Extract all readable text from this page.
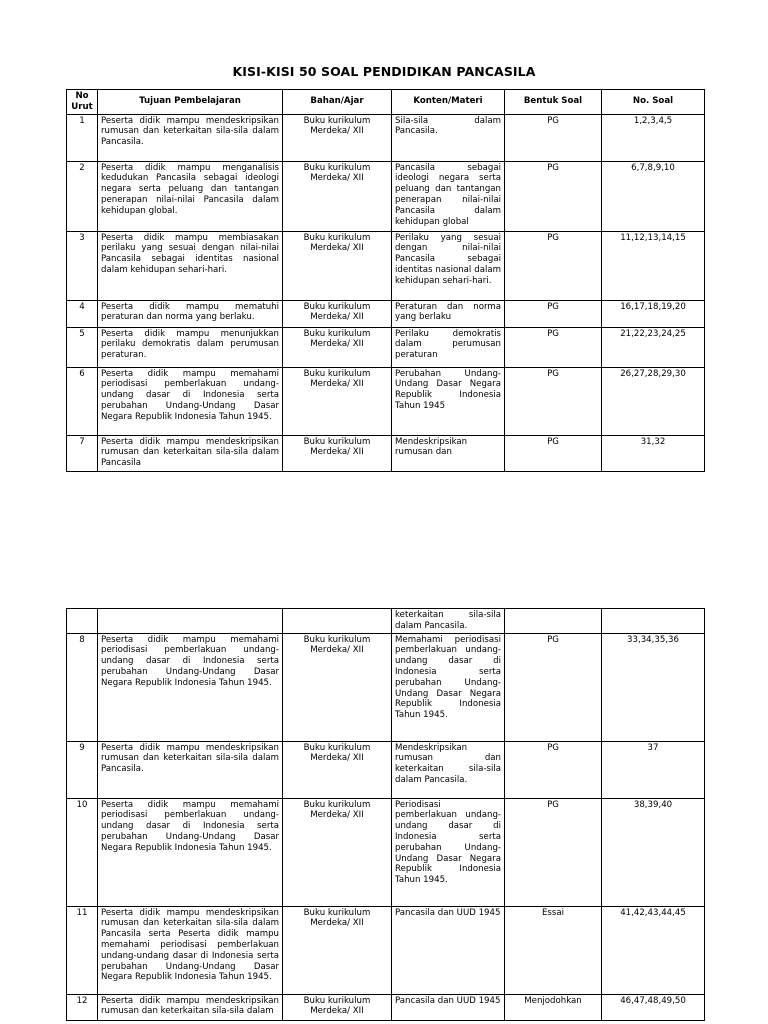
KISI-KISI 50 SOAL PENDIDIKAN PANCASILA
No Urut	Tujuan Pembelajaran	Bahan/Ajar	Konten/Materi	Bentuk Soal	No. Soal
1	Peserta didik mampu mendeskripsikan rumusan dan keterkaitan sila-sila dalam Pancasila.	Buku kurikulum Merdeka/ XII	Sila-sila dalam Pancasila.	PG	1,2,3,4,5
2	Peserta didik mampu menganalisis kedudukan Pancasila sebagai ideologi negara serta peluang dan tantangan penerapan nilai-nilai Pancasila dalam kehidupan global.	Buku kurikulum Merdeka/ XII	Pancasila sebagai ideologi negara serta peluang dan tantangan penerapan nilai-nilai Pancasila dalam kehidupan global	PG	6,7,8,9,10
3	Peserta didik mampu membiasakan perilaku yang sesuai dengan nilai-nilai Pancasila sebagai identitas nasional dalam kehidupan sehari-hari.	Buku kurikulum Merdeka/ XII	Perilaku yang sesuai dengan nilai-nilai Pancasila sebagai identitas nasional dalam kehidupan sehari-hari.	PG	11,12,13,14,15
4	Peserta didik mampu mematuhi peraturan dan norma yang berlaku.	Buku kurikulum Merdeka/ XII	Peraturan dan norma yang berlaku	PG	16,17,18,19,20
5	Peserta didik mampu menunjukkan perilaku demokratis dalam perumusan peraturan.	Buku kurikulum Merdeka/ XII	Perilaku demokratis dalam perumusan peraturan	PG	21,22,23,24,25
6	Peserta didik mampu memahami periodisasi pemberlakuan undang-undang dasar di Indonesia serta perubahan Undang-Undang Dasar Negara Republik Indonesia Tahun 1945.	Buku kurikulum Merdeka/ XII	Perubahan Undang-Undang Dasar Negara Republik Indonesia Tahun 1945	PG	26,27,28,29,30
7	Peserta didik mampu mendeskripsikan rumusan dan keterkaitan sila-sila dalam Pancasila	Buku kurikulum Merdeka/ XII	Mendeskripsikan rumusan dan	PG	31,32
			keterkaitan sila-sila dalam Pancasila.		
8	Peserta didik mampu memahami periodisasi pemberlakuan undang-undang dasar di Indonesia serta perubahan Undang-Undang Dasar Negara Republik Indonesia Tahun 1945.	Buku kurikulum Merdeka/ XII	Memahami periodisasi pemberlakuan undang-undang dasar di Indonesia serta perubahan Undang-Undang Dasar Negara Republik Indonesia Tahun 1945.	PG	33,34,35,36
9	Peserta didik mampu mendeskripsikan rumusan dan keterkaitan sila-sila dalam Pancasila.	Buku kurikulum Merdeka/ XII	Mendeskripsikan rumusan dan keterkaitan sila-sila dalam Pancasila.	PG	37
10	Peserta didik mampu memahami periodisasi pemberlakuan undang-undang dasar di Indonesia serta perubahan Undang-Undang Dasar Negara Republik Indonesia Tahun 1945.	Buku kurikulum Merdeka/ XII	Periodisasi pemberlakuan undang-undang dasar di Indonesia serta perubahan Undang-Undang Dasar Negara Republik Indonesia Tahun 1945.	PG	38,39,40
11	Peserta didik mampu mendeskripsikan rumusan dan keterkaitan sila-sila dalam Pancasila serta Peserta didik mampu memahami periodisasi pemberlakuan undang-undang dasar di Indonesia serta perubahan Undang-Undang Dasar Negara Republik Indonesia Tahun 1945.	Buku kurikulum Merdeka/ XII	Pancasila dan UUD 1945	Essai	41,42,43,44,45
12	Peserta didik mampu mendeskripsikan rumusan dan keterkaitan sila-sila dalam	Buku kurikulum Merdeka/ XII	Pancasila dan UUD 1945	Menjodohkan	46,47,48,49,50
